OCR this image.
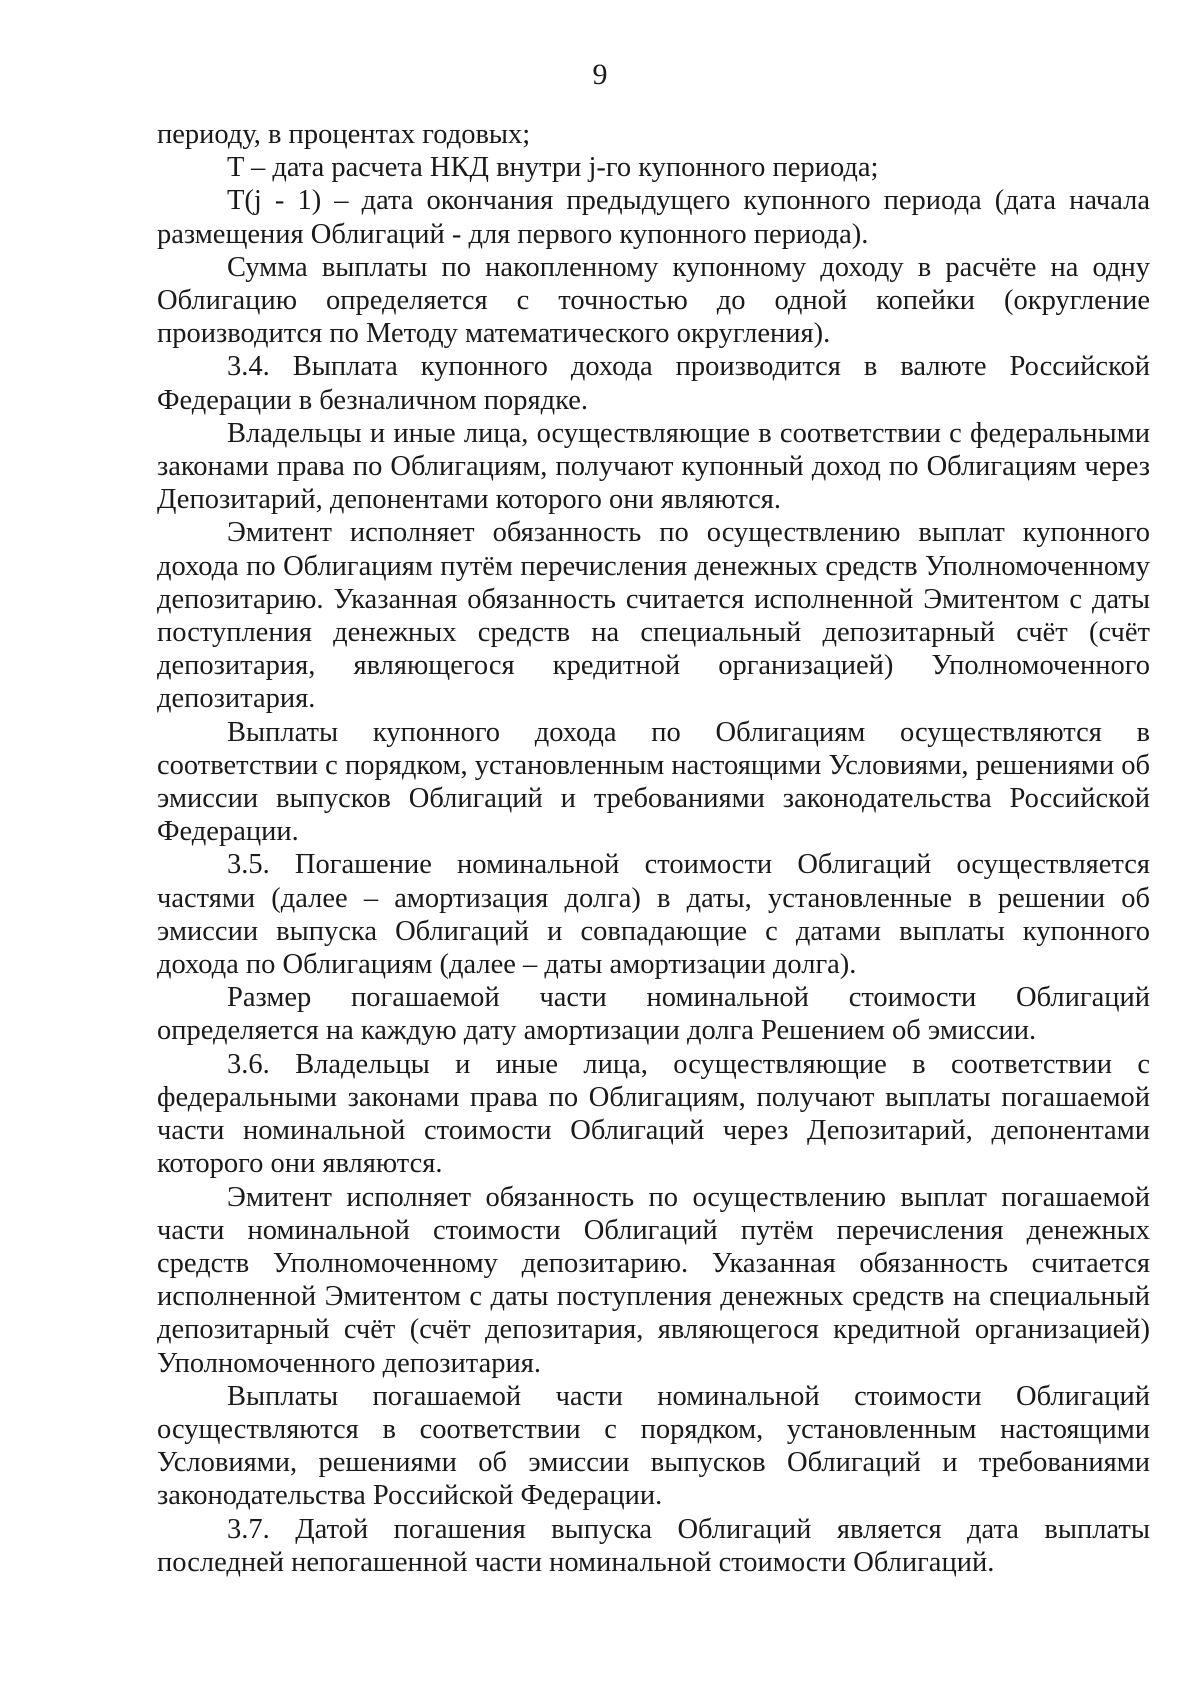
9

периоду, в процентах годовых;

T – дата расчета НКД внутри j-го купонного периода;

T(j - 1) – дата окончания предыдущего купонного периода (дата начала размещения Облигаций - для первого купонного периода).

Сумма выплаты по накопленному купонному доходу в расчёте на одну Облигацию определяется с точностью до одной копейки (округление производится по Методу математического округления).

3.4. Выплата купонного дохода производится в валюте Российской Федерации в безналичном порядке.

Владельцы и иные лица, осуществляющие в соответствии с федеральными законами права по Облигациям, получают купонный доход по Облигациям через Депозитарий, депонентами которого они являются.

Эмитент исполняет обязанность по осуществлению выплат купонного дохода по Облигациям путём перечисления денежных средств Уполномоченному депозитарию. Указанная обязанность считается исполненной Эмитентом с даты поступления денежных средств на специальный депозитарный счёт (счёт депозитария, являющегося кредитной организацией) Уполномоченного депозитария.

Выплаты купонного дохода по Облигациям осуществляются в соответствии с порядком, установленным настоящими Условиями, решениями об эмиссии выпусков Облигаций и требованиями законодательства Российской Федерации.

3.5. Погашение номинальной стоимости Облигаций осуществляется частями (далее – амортизация долга) в даты, установленные в решении об эмиссии выпуска Облигаций и совпадающие с датами выплаты купонного дохода по Облигациям (далее – даты амортизации долга).

Размер погашаемой части номинальной стоимости Облигаций определяется на каждую дату амортизации долга Решением об эмиссии.

3.6. Владельцы и иные лица, осуществляющие в соответствии с федеральными законами права по Облигациям, получают выплаты погашаемой части номинальной стоимости Облигаций через Депозитарий, депонентами которого они являются.

Эмитент исполняет обязанность по осуществлению выплат погашаемой части номинальной стоимости Облигаций путём перечисления денежных средств Уполномоченному депозитарию. Указанная обязанность считается исполненной Эмитентом с даты поступления денежных средств на специальный депозитарный счёт (счёт депозитария, являющегося кредитной организацией) Уполномоченного депозитария.

Выплаты погашаемой части номинальной стоимости Облигаций осуществляются в соответствии с порядком, установленным настоящими Условиями, решениями об эмиссии выпусков Облигаций и требованиями законодательства Российской Федерации.

3.7. Датой погашения выпуска Облигаций является дата выплаты последней непогашенной части номинальной стоимости Облигаций.
